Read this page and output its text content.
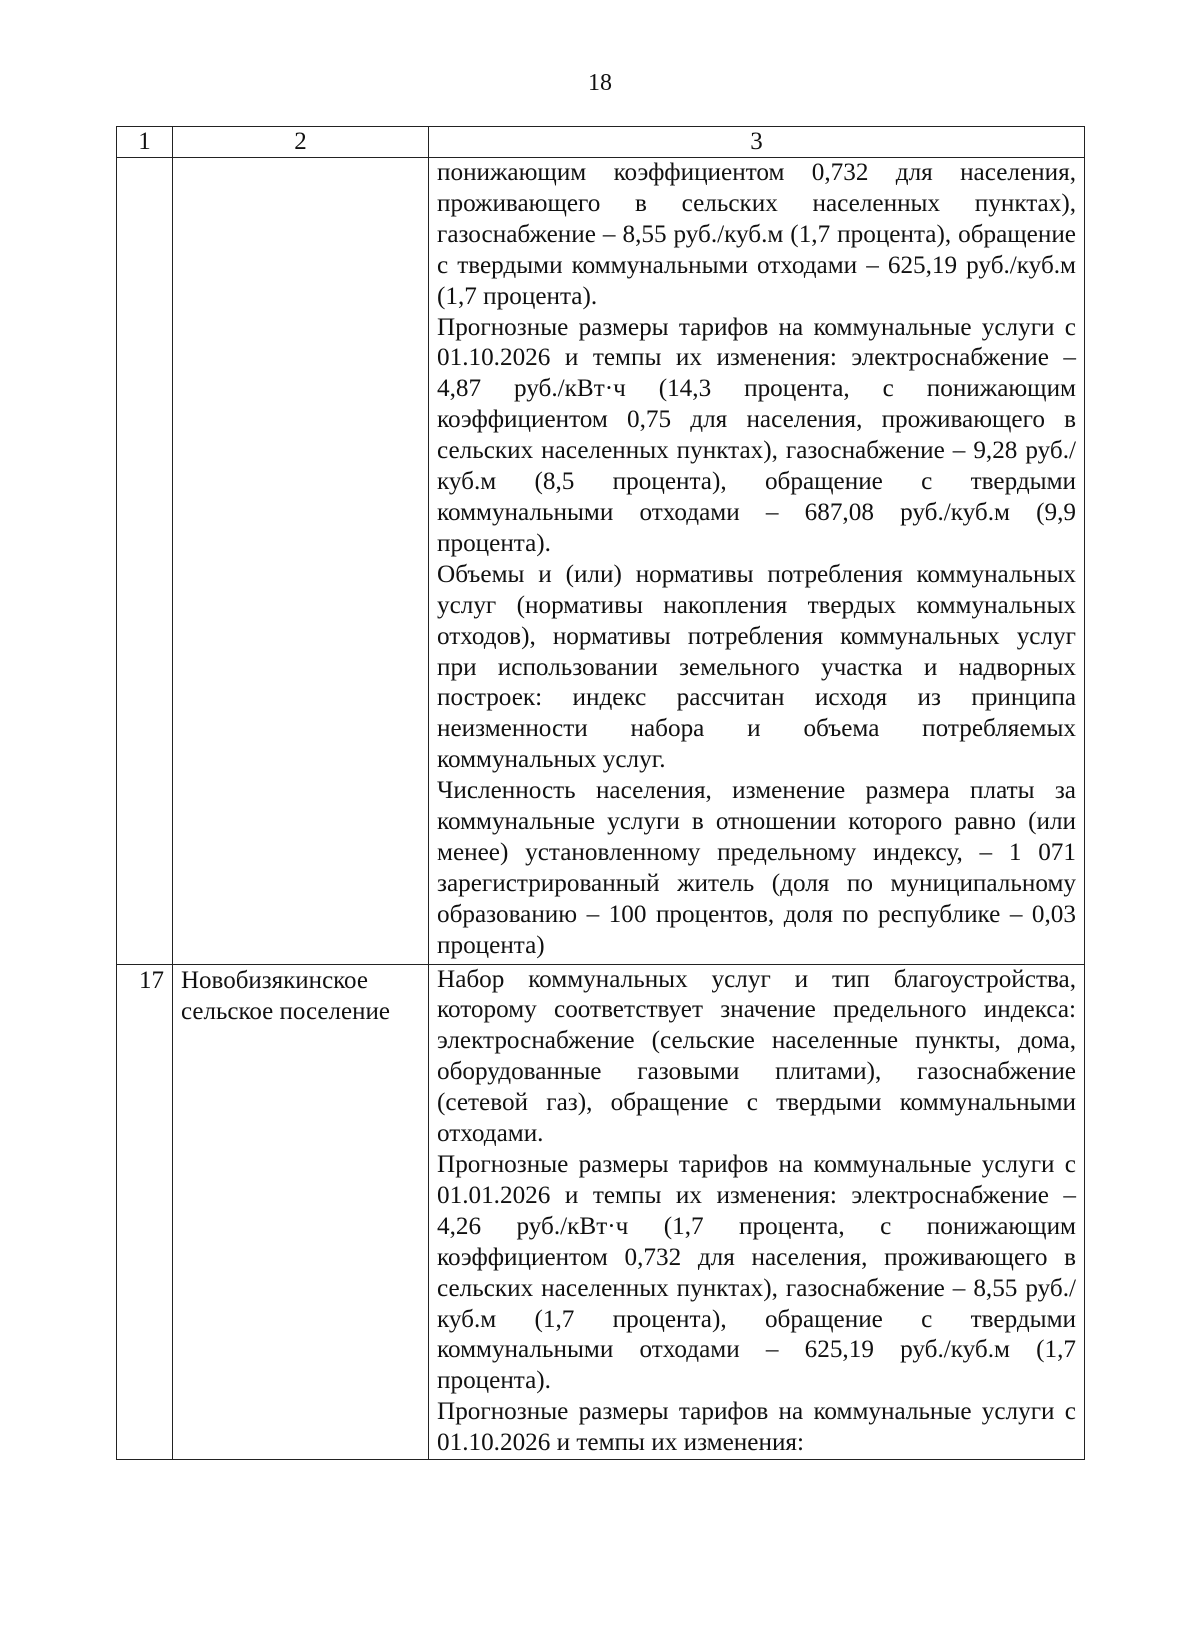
18
1	2	3

		понижающим коэффициентом 0,732 для населения, проживающего в сельских населенных пунктах), газоснабжение – 8,55 руб./куб.м (1,7 процента), обращение с твердыми коммунальными отходами – 625,19 руб./куб.м (1,7 процента).

Прогнозные размеры тарифов на коммунальные услуги с 01.10.2026 и темпы их изменения: электроснабжение – 4,87 руб./кВт·ч (14,3 процента, с понижающим коэффициентом 0,75 для населения, проживающего в сельских населенных пунктах), газоснабжение – 9,28 руб./куб.м (8,5 процента), обращение с твердыми коммунальными отходами – 687,08 руб./куб.м (9,9 процента).

Объемы и (или) нормативы потребления коммунальных услуг (нормативы накопления твердых коммунальных отходов), нормативы потребления коммунальных услуг при использовании земельного участка и надворных построек: индекс рассчитан исходя из принципа неизменности набора и объема потребляемых коммунальных услуг.

Численность населения, изменение размера платы за коммунальные услуги в отношении которого равно (или менее) установленному предельному индексу, – 1 071 зарегистрированный житель (доля по муниципальному образованию – 100 процентов, доля по республике – 0,03 процента)

17	Новобизякинское сельское поселение	Набор коммунальных услуг и тип благоустройства, которому соответствует значение предельного индекса: электроснабжение (сельские населенные пункты, дома, оборудованные газовыми плитами), газоснабжение (сетевой газ), обращение с твердыми коммунальными отходами.

Прогнозные размеры тарифов на коммунальные услуги с 01.01.2026 и темпы их изменения: электроснабжение – 4,26 руб./кВт·ч (1,7 процента, с понижающим коэффициентом 0,732 для населения, проживающего в сельских населенных пунктах), газоснабжение – 8,55 руб./куб.м (1,7 процента), обращение с твердыми коммунальными отходами – 625,19 руб./куб.м (1,7 процента).

Прогнозные размеры тарифов на коммунальные услуги с 01.10.2026 и темпы их изменения:
